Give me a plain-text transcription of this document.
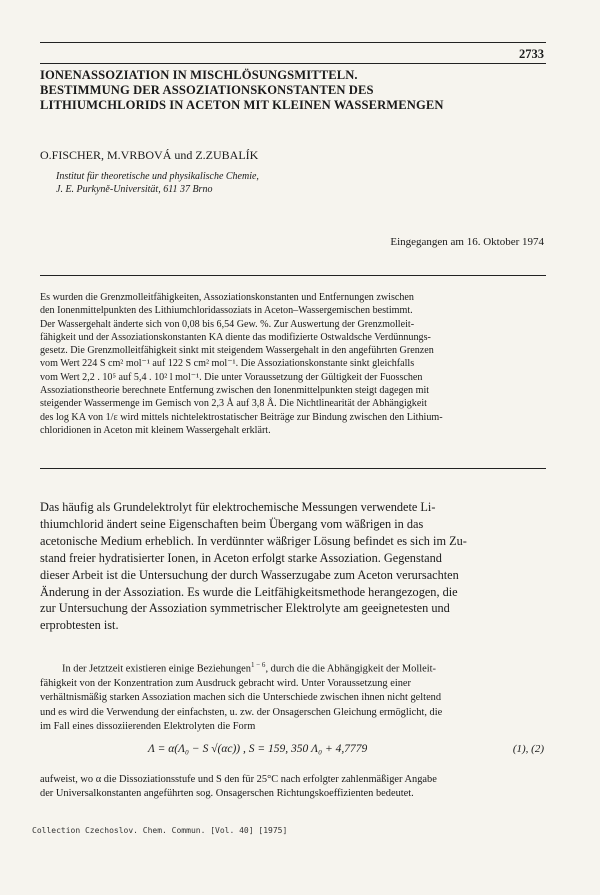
2733
IONENASSOZIATION IN MISCHLÖSUNGSMITTELN.
BESTIMMUNG DER ASSOZIATIONSKONSTANTEN DES
LITHIUMCHLORIDS IN ACETON MIT KLEINEN WASSERMENGEN
O.FISCHER, M.VRBOVÁ und Z.ZUBALÍK
Institut für theoretische und physikalische Chemie,
J. E. Purkyně-Universität, 611 37 Brno
Eingegangen am 16. Oktober 1974
Es wurden die Grenzmolleitfähigkeiten, Assoziationskonstanten und Entfernungen zwischen
den Ionenmittelpunkten des Lithiumchloridassoziats in Aceton–Wassergemischen bestimmt.
Der Wassergehalt änderte sich von 0,08 bis 6,54 Gew. %. Zur Auswertung der Grenzmolleit-
fähigkeit und der Assoziationskonstanten KA diente das modifizierte Ostwaldsche Verdünnungs-
gesetz. Die Grenzmolleitfähigkeit sinkt mit steigendem Wassergehalt in den angeführten Grenzen
vom Wert 224 S cm² mol⁻¹ auf 122 S cm² mol⁻¹. Die Assoziationskonstante sinkt gleichfalls
vom Wert 2,2 . 10⁵ auf 5,4 . 10² l mol⁻¹. Die unter Voraussetzung der Gültigkeit der Fuosschen
Assoziationstheorie berechnete Entfernung zwischen den Ionenmittelpunkten steigt dagegen mit
steigender Wassermenge im Gemisch von 2,3 Å auf 3,8 Å. Die Nichtlinearität der Abhängigkeit
des log KA von 1/ε wird mittels nichtelektrostatischer Beiträge zur Bindung zwischen den Lithium-
chloridionen in Aceton mit kleinem Wassergehalt erklärt.
Das häufig als Grundelektrolyt für elektrochemische Messungen verwendete Li-
thiumchlorid ändert seine Eigenschaften beim Übergang vom wäßrigen in das
acetonische Medium erheblich. In verdünnter wäßriger Lösung befindet es sich im Zu-
stand freier hydratisierter Ionen, in Aceton erfolgt starke Assoziation. Gegenstand
dieser Arbeit ist die Untersuchung der durch Wasserzugabe zum Aceton verursachten
Änderung in der Assoziation. Es wurde die Leitfähigkeitsmethode herangezogen, die
zur Untersuchung der Assoziation symmetrischer Elektrolyte am geeignetesten und
erprobtesten ist.
In der Jetztzeit existieren einige Beziehungen$^{1 - 6}$, durch die die Abhängigkeit der Molleit-
fähigkeit von der Konzentration zum Ausdruck gebracht wird. Unter Voraussetzung einer
verhältnismäßig starken Assoziation machen sich die Unterschiede zwischen ihnen nicht geltend
und es wird die Verwendung der einfachsten, u. zw. der Onsagerschen Gleichung ermöglicht, die
im Fall eines dissoziierenden Elektrolyten die Form
Λ = α(Λ₀ − S √(αc)) , S = 159, 350 Λ₀ + 4,7779	(1), (2)
aufweist, wo α die Dissoziationsstufe und S den für 25°C nach erfolgter zahlenmäßiger Angabe
der Universalkonstanten angeführten sog. Onsagerschen Richtungskoeffizienten bedeutet.
Collection Czechoslov. Chem. Commun. [Vol. 40] [1975]
